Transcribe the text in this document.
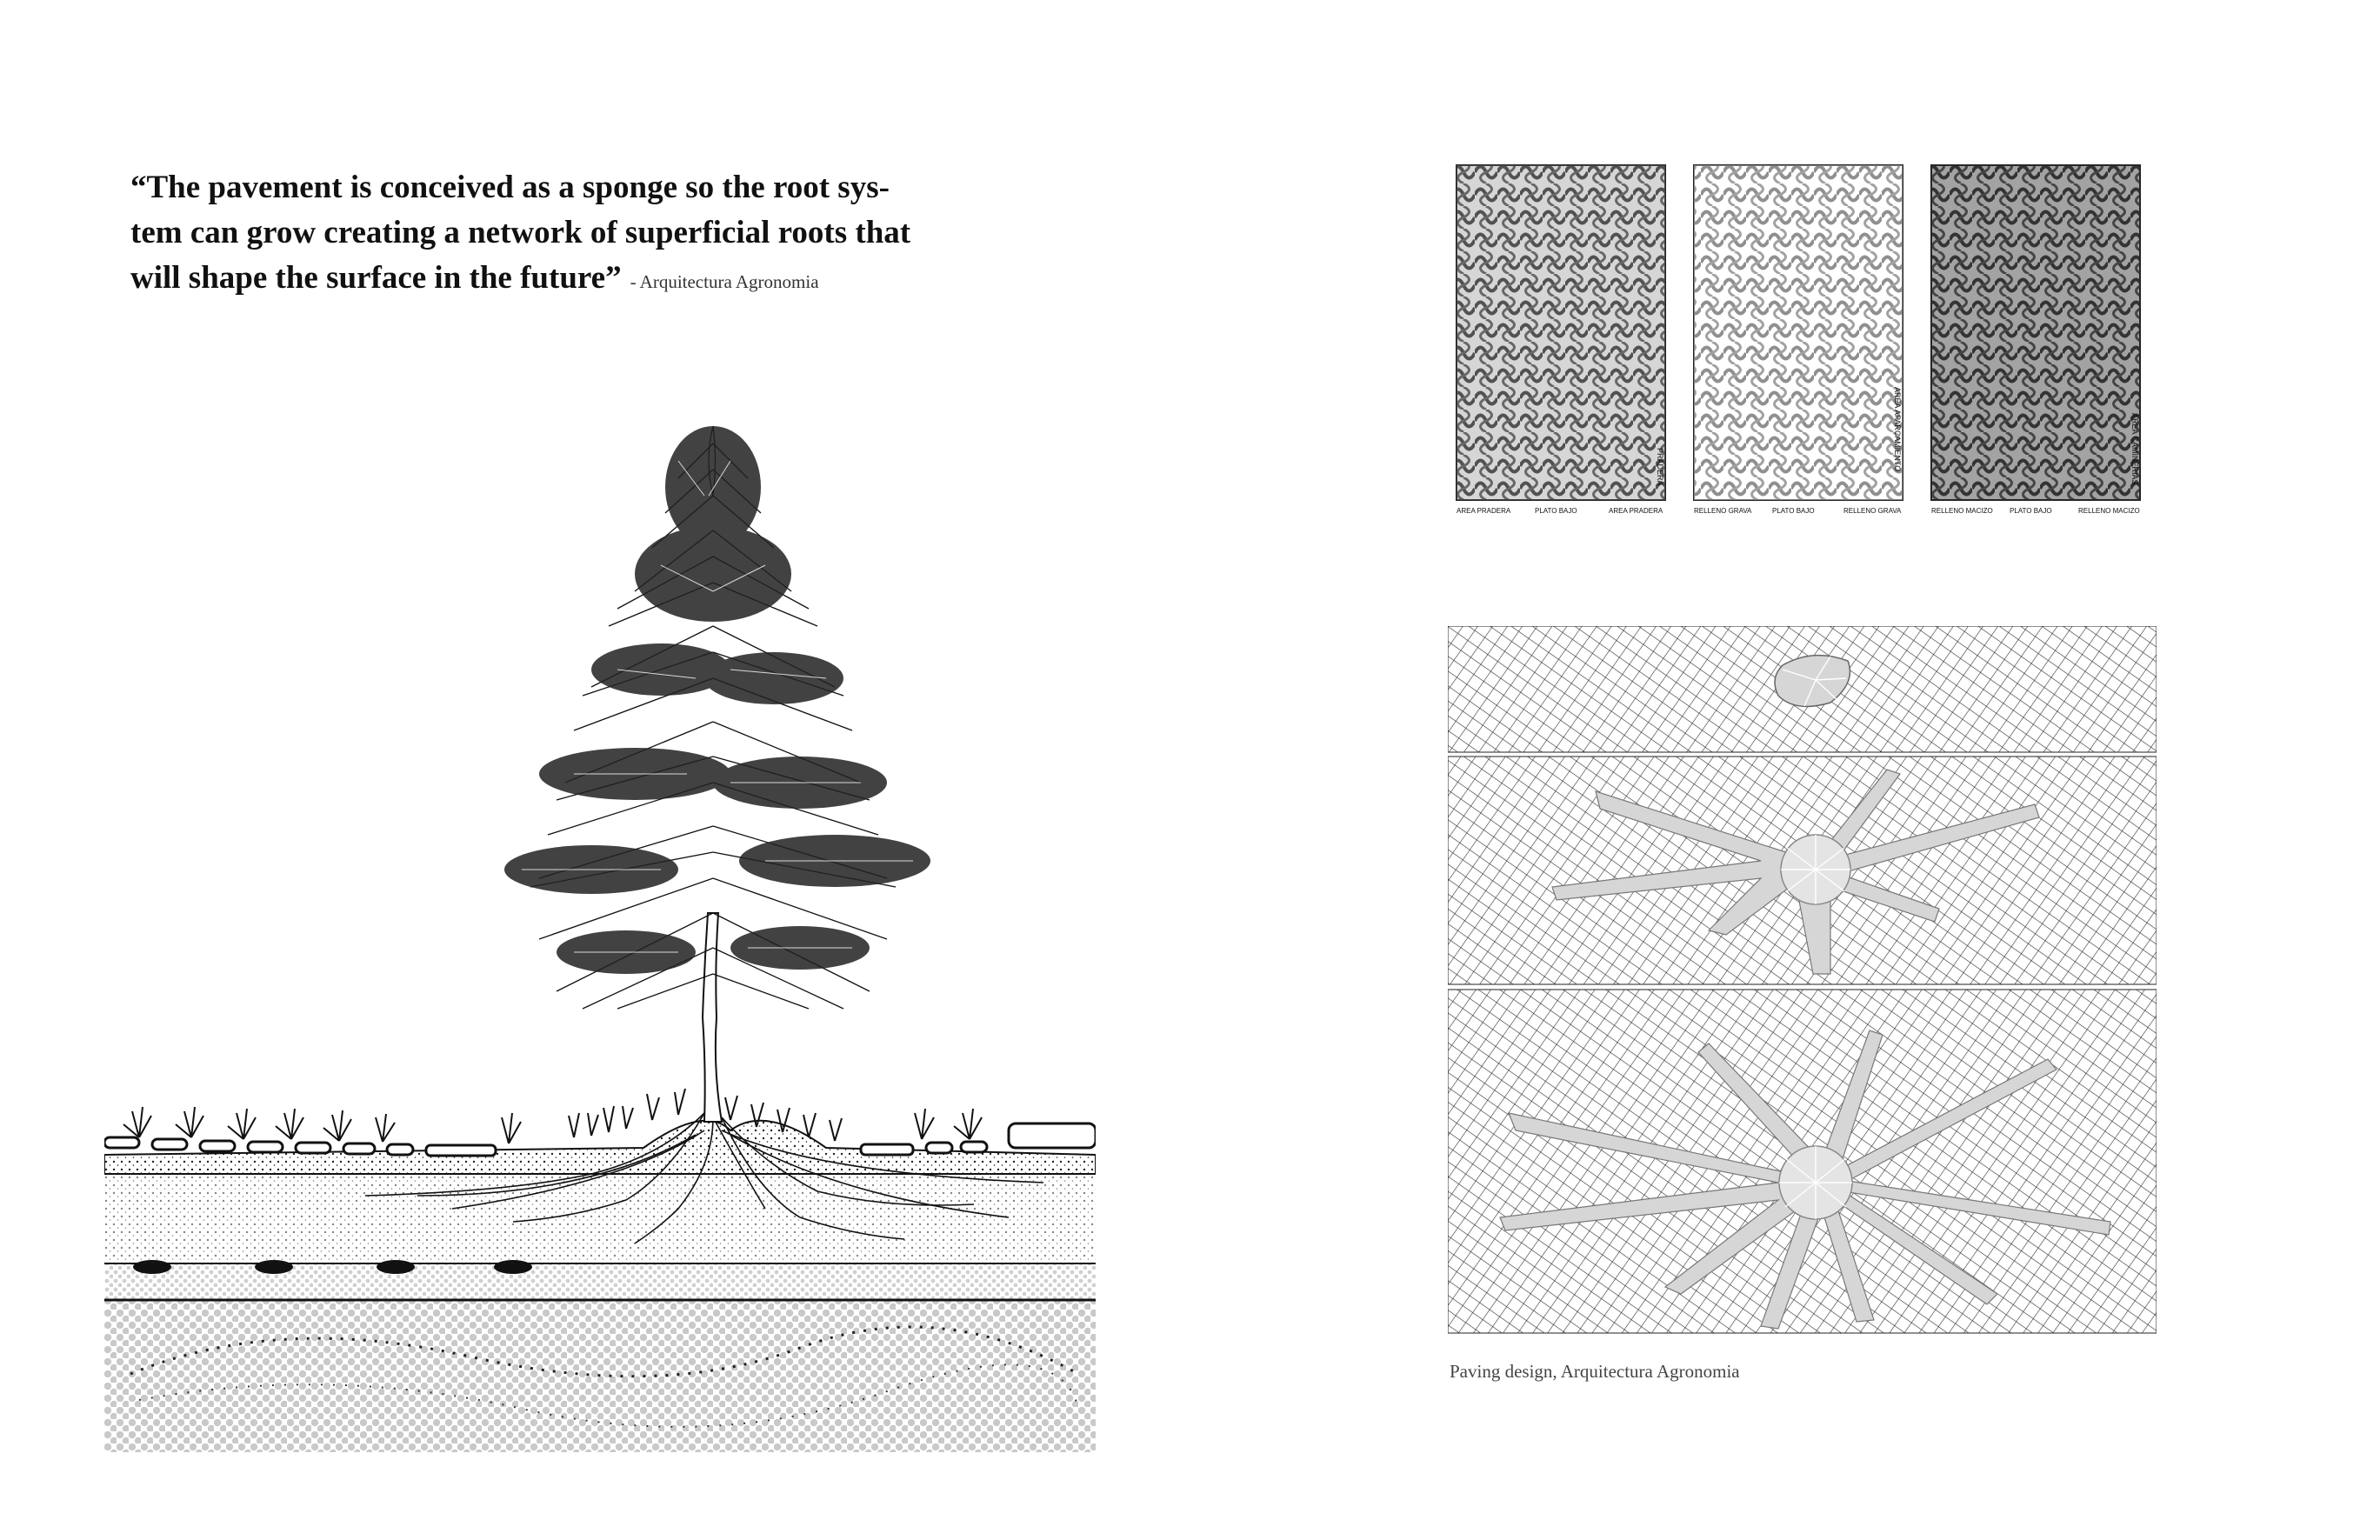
“The pavement is conceived as a sponge so the root sys-
tem can grow creating a network of superficial roots that
will shape the surface in the future” - Arquitectura Agronomia
PRADERA	AREA APARCAMIENTO	AREA CAMINERIAS
AREA PRADERA	PLATO BAJO	AREA PRADERA	RELLENO GRAVA	PLATO BAJO	RELLENO GRAVA	RELLENO MACIZO PLATO BAJO	RELLENO MACIZO
Paving design, Arquitectura Agronomia
